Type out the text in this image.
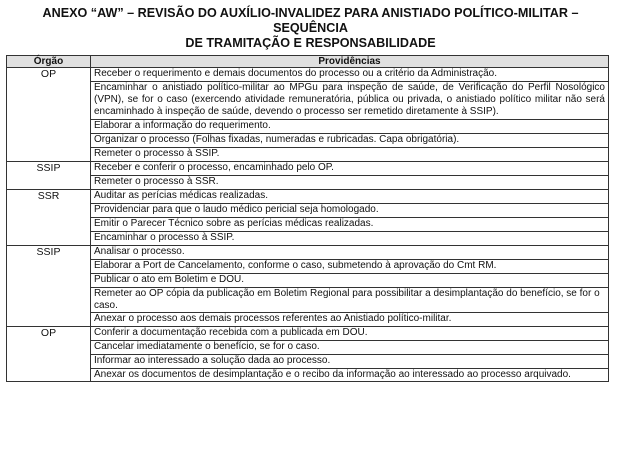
ANEXO “AW” – REVISÃO DO AUXÍLIO-INVALIDEZ PARA ANISTIADO POLÍTICO-MILITAR – SEQUÊNCIA
DE TRAMITAÇÃO E RESPONSABILIDADE
Órgão	Providências
OP	Receber o requerimento e demais documentos do processo ou a critério da Administração.
	Encaminhar o anistiado político-militar ao MPGu para inspeção de saúde, de Verificação do Perfil Nosológico (VPN), se for o caso (exercendo atividade remuneratória, pública ou privada, o anistiado político militar não será encaminhado à inspeção de saúde, devendo o processo ser remetido diretamente à SSIP).
	Elaborar a informação do requerimento.
	Organizar o processo (Folhas fixadas, numeradas e rubricadas. Capa obrigatória).
	Remeter o processo à SSIP.
SSIP	Receber e conferir o processo, encaminhado pelo OP.
	Remeter o processo à SSR.
SSR	Auditar as perícias médicas realizadas.
	Providenciar para que o laudo médico pericial seja homologado.
	Emitir o Parecer Técnico sobre as perícias médicas realizadas.
	Encaminhar o processo à SSIP.
SSIP	Analisar o processo.
	Elaborar a Port de Cancelamento, conforme o caso, submetendo à aprovação do Cmt RM.
	Publicar o ato em Boletim e DOU.
	Remeter ao OP cópia da publicação em Boletim Regional para possibilitar a desimplantação do benefício, se for o caso.
	Anexar o processo aos demais processos referentes ao Anistiado político-militar.
OP	Conferir a documentação recebida com a publicada em DOU.
	Cancelar imediatamente o benefício, se for o caso.
	Informar ao interessado a solução dada ao processo.
	Anexar os documentos de desimplantação e o recibo da informação ao interessado ao processo arquivado.
